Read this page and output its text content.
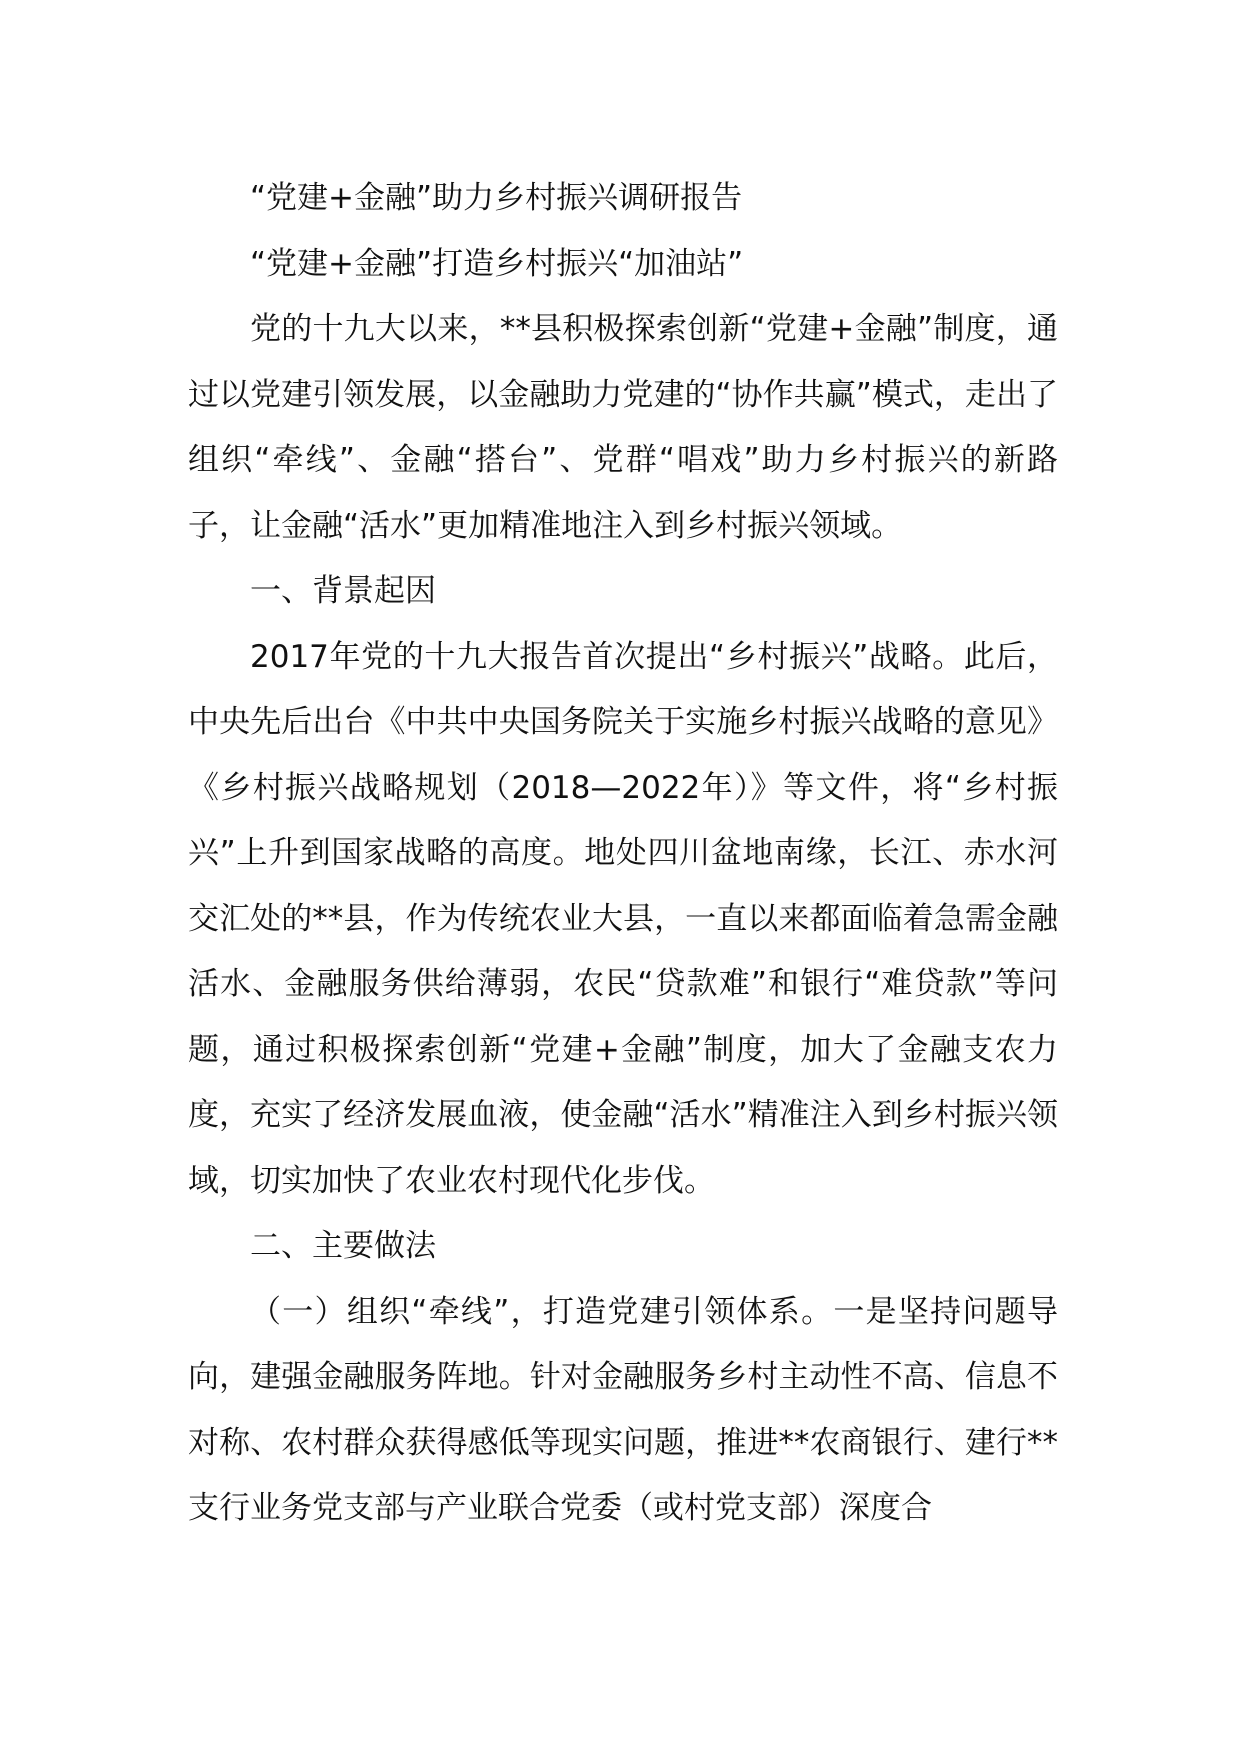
“党建+金融”助力乡村振兴调研报告

“党建+金融”打造乡村振兴“加油站”

党的十九大以来，**县积极探索创新“党建+金融”制度，通过以党建引领发展，以金融助力党建的“协作共赢”模式，走出了组织“牵线”、金融“搭台”、党群“唱戏”助力乡村振兴的新路子，让金融“活水”更加精准地注入到乡村振兴领域。

一、背景起因

2017年党的十九大报告首次提出“乡村振兴”战略。此后，中央先后出台《中共中央国务院关于实施乡村振兴战略的意见》《乡村振兴战略规划（2018—2022年）》等文件，将“乡村振兴”上升到国家战略的高度。地处四川盆地南缘，长江、赤水河交汇处的**县，作为传统农业大县，一直以来都面临着急需金融活水、金融服务供给薄弱，农民“贷款难”和银行“难贷款”等问题，通过积极探索创新“党建+金融”制度，加大了金融支农力度，充实了经济发展血液，使金融“活水”精准注入到乡村振兴领域，切实加快了农业农村现代化步伐。

二、主要做法

（一）组织“牵线”，打造党建引领体系。一是坚持问题导向，建强金融服务阵地。针对金融服务乡村主动性不高、信息不对称、农村群众获得感低等现实问题，推进**农商银行、建行**支行业务党支部与产业联合党委（或村党支部）深度合
